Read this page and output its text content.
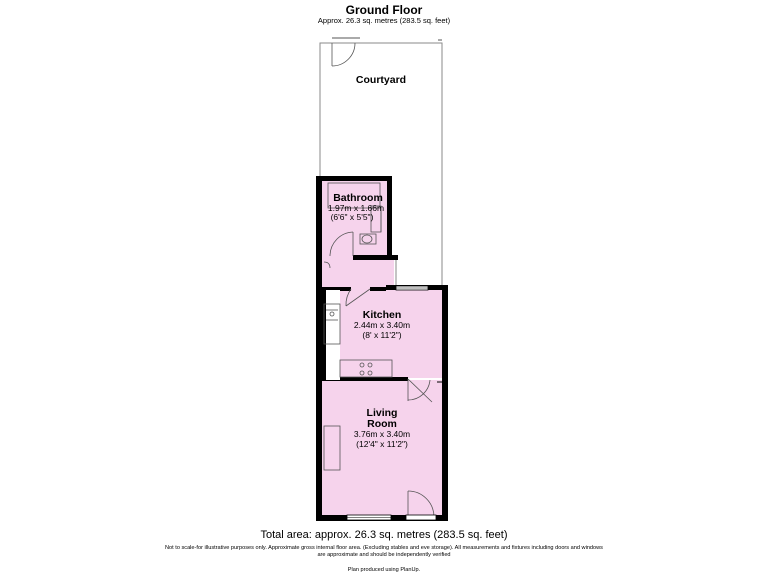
Ground Floor
Approx. 26.3 sq. metres (283.5 sq. feet)
Courtyard
Bathroom
1.97m x 1.66m
(6'6" x 5'5")
Kitchen
2.44m x 3.40m
(8' x 11'2")
Living
Room
3.76m x 3.40m
(12'4" x 11'2")
Total area: approx. 26.3 sq. metres (283.5 sq. feet)
Not to scale-for illustrative purposes only. Approximate gross internal floor area. (Excluding stables and eve storage). All measurements and fixtures including doors and windows
are approximate and should be independently verified
Plan produced using PlanUp.
